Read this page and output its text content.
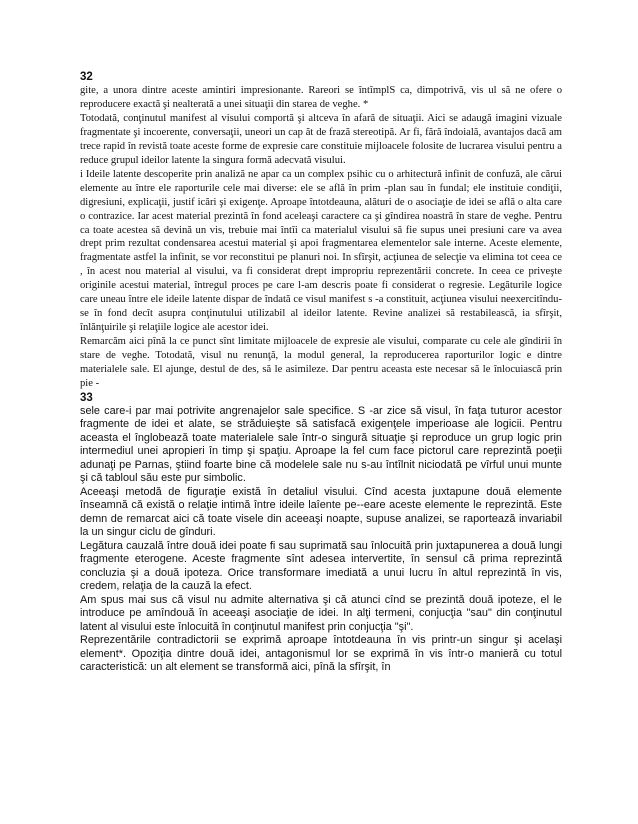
32

gite, a unora dintre aceste amintiri impresionante. Rareori se întîmplS ca, dimpotrivă, vis ul să ne ofere o reproducere exactă şi nealterată a unei situaţii din starea de veghe. *

Totodată, conţinutul manifest al visului comportă şi altceva în afară de situaţii. Aici se adaugă imagini vizuale fragmentate şi incoerente, conversaţii, uneori un cap ăt de frază stereotipă. Ar fi, fără îndoială, avantajos dacă am trece rapid în revistă toate aceste forme de expresie care constituie mijloacele folosite de lucrarea visului pentru a reduce grupul ideilor latente la singura formă adecvată visului.

i Ideile latente descoperite prin analiză ne apar ca un complex psihic cu o arhitectură infinit de confuză, ale cărui elemente au între ele raporturile cele mai diverse: ele se află în prim -plan sau în fundal; ele instituie condiţii, digresiuni, explicaţii, justif icări şi exigenţe. Aproape întotdeauna, alături de o asociaţie de idei se află o alta care o contrazice. Iar acest material prezintă în fond aceleaşi caractere ca şi gîndirea noastră în stare de veghe. Pentru ca toate acestea să devină un vis, trebuie mai întîi ca materialul visului să fie supus unei presiuni care va avea drept prim rezultat condensarea acestui material şi apoi fragmentarea elementelor sale interne. Aceste elemente, fragmentate astfel la infinit, se vor reconstitui pe planuri noi. In sfîrşit, acţiunea de selecţie va elimina tot ceea ce , în acest nou material al visului, va fi considerat drept impropriu reprezentării concrete. In ceea ce priveşte originile acestui material, întregul proces pe care l-am descris poate fi considerat o regresie. Legăturile logice care uneau între ele ideile latente dispar de îndată ce visul manifest s -a constituit, acţiunea visului neexercitîndu-se în fond decît asupra conţinutului utilizabil al ideilor latente. Revine analizei să restabilească, ia sfîrşit, înlănţuirile şi relaţiile logice ale acestor idei.

Remarcăm aici pînă la ce punct sînt limitate mijloacele de expresie ale visului, comparate cu cele ale gîndirii în stare de veghe. Totodată, visul nu renunţă, la modul general, la reproducerea raporturilor logic e dintre materialele sale. El ajunge, destul de des, să le asimileze. Dar pentru aceasta este necesar să le înlocuiască prin pie -

33

sele care-i par mai potrivite angrenajelor sale specifice. S -ar zice să visul, în faţa tuturor acestor fragmente de idei et alate, se străduieşte să satisfacă exigenţele imperioase ale logicii. Pentru aceasta el înglobează toate materialele sale într-o singură situaţie şi reproduce un grup logic prin intermediul unei apropieri în timp şi spaţiu. Aproape la fel cum face pictorul care reprezintă poeţii adunaţi pe Parnas, ştiind foarte bine că modelele sale nu s-au întîlnit niciodată pe vîrful unui munte şi că tabloul său este pur simbolic.

Aceeaşi metodă de figuraţie există în detaliul visului. Cînd acesta juxtapune două elemente înseamnă că există o relaţie intimă între ideile laîente pe--eare aceste elemente le reprezintă. Este demn de remarcat aici că toate visele din aceeaşi noapte, supuse analizei, se raportează invariabil la un singur ciclu de gînduri.

Legătura cauzală între două idei poate fi sau suprimată sau înlocuită prin juxtapunerea a două lungi fragmente eterogene. Aceste fragmente sînt adesea intervertite, în sensul că prima reprezintă concluzia şi a două ipoteza. Orice transformare imediată a unui lucru în altul reprezintă în vis, credem, relaţia de la cauză la efect.

Am spus mai sus că visul nu admite alternativa şi că atunci cînd se prezintă două ipoteze, el le introduce pe amîndouă în aceeaşi asociaţie de idei. In alţi termeni, conjucţia "sau" din conţinutul latent al visului este înlocuită în conţinutul manifest prin conjucţia "şi".

Reprezentările contradictorii se exprimă aproape întotdeauna în vis printr-un singur şi acelaşi element*. Opoziţia dintre două idei, antagonismul lor se exprimă în vis într-o manieră cu totul caracteristică: un alt element se transformă aici, pînă la sfîrşit, în
